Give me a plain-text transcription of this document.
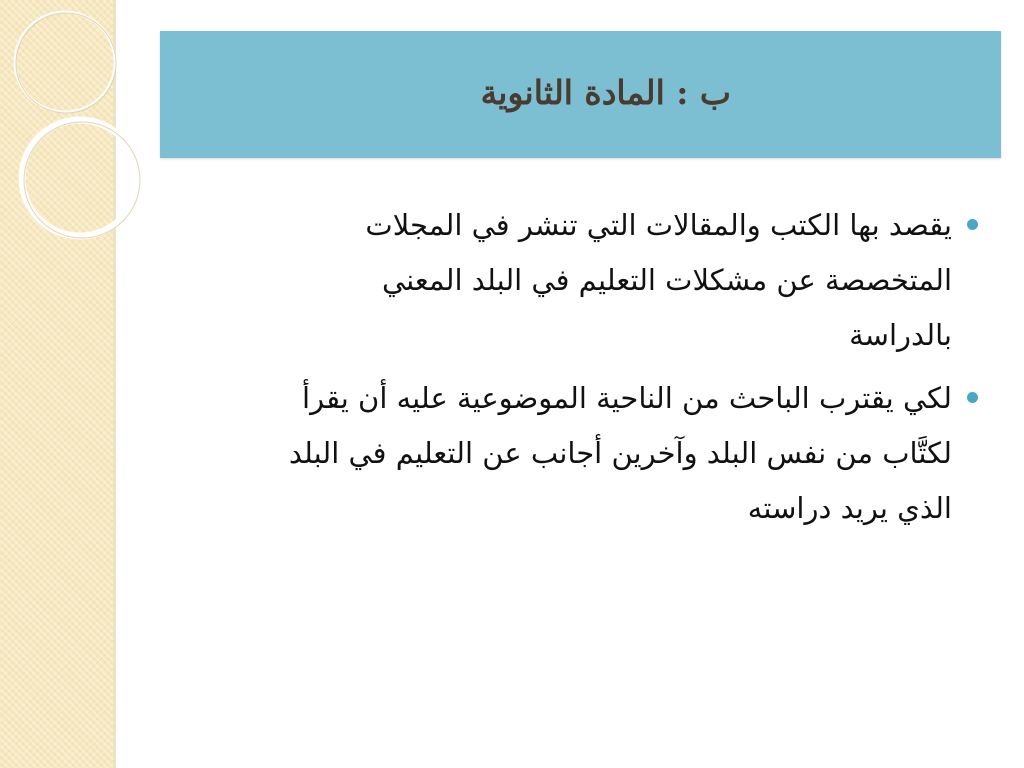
ب : المادة الثانوية
يقصد بها الكتب والمقالات التي تنشر في المجلات
المتخصصة عن مشكلات التعليم في البلد المعني
بالدراسة
لكي يقترب الباحث من الناحية الموضوعية عليه أن يقرأ
لكتَّاب من نفس البلد وآخرين أجانب عن التعليم في البلد
الذي يريد دراسته
